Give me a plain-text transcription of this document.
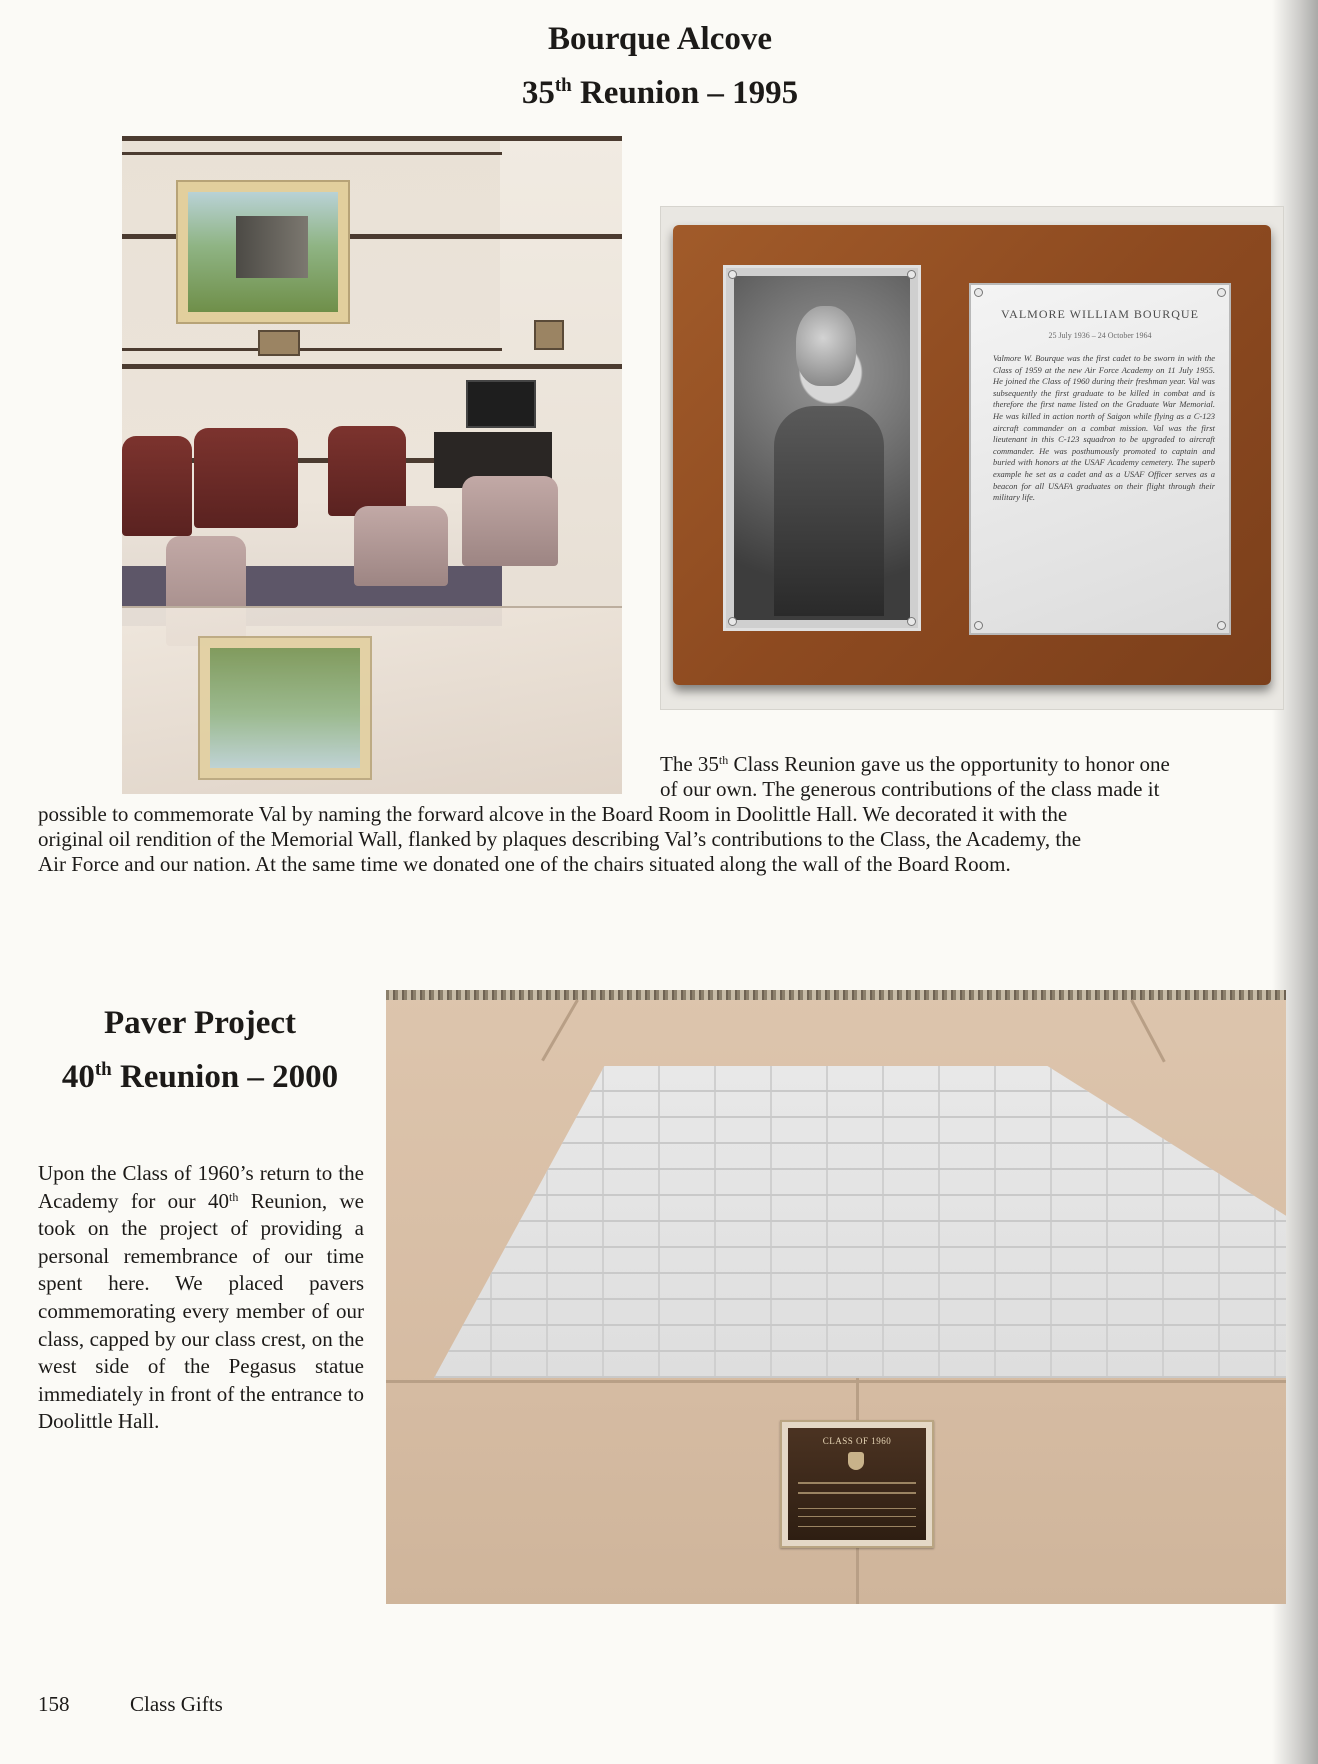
Bourque Alcove
35th Reunion – 1995
VALMORE WILLIAM BOURQUE
25 July 1936 – 24 October 1964
Valmore W. Bourque was the first cadet to be sworn in with the Class of 1959 at the new Air Force Academy on 11 July 1955. He joined the Class of 1960 during their freshman year. Val was subsequently the first graduate to be killed in combat and is therefore the first name listed on the Graduate War Memorial. He was killed in action north of Saigon while flying as a C-123 aircraft commander on a combat mission. Val was the first lieutenant in this C-123 squadron to be upgraded to aircraft commander. He was posthumously promoted to captain and buried with honors at the USAF Academy cemetery. The superb example he set as a cadet and as a USAF Officer serves as a beacon for all USAFA graduates on their flight through their military life.

The 35th Class Reunion gave us the opportunity to honor one

of our own. The generous contributions of the class made it

possible to commemorate Val by naming the forward alcove in the Board Room in Doolittle Hall. We decorated it with the

original oil rendition of the Memorial Wall, flanked by plaques describing Val’s contributions to the Class, the Academy, the

Air Force and our nation. At the same time we donated one of the chairs situated along the wall of the Board Room.

Paver Project
40th Reunion – 2000

Upon the Class of 1960’s return to the Academy for our 40th Reunion, we took on the project of providing a personal remembrance of our time spent here. We placed pavers commemorating every member of our class, capped by our class crest, on the west side of the Pegasus statue immediately in front of the entrance to Doolittle Hall.

CLASS OF 1960

158	Class Gifts
